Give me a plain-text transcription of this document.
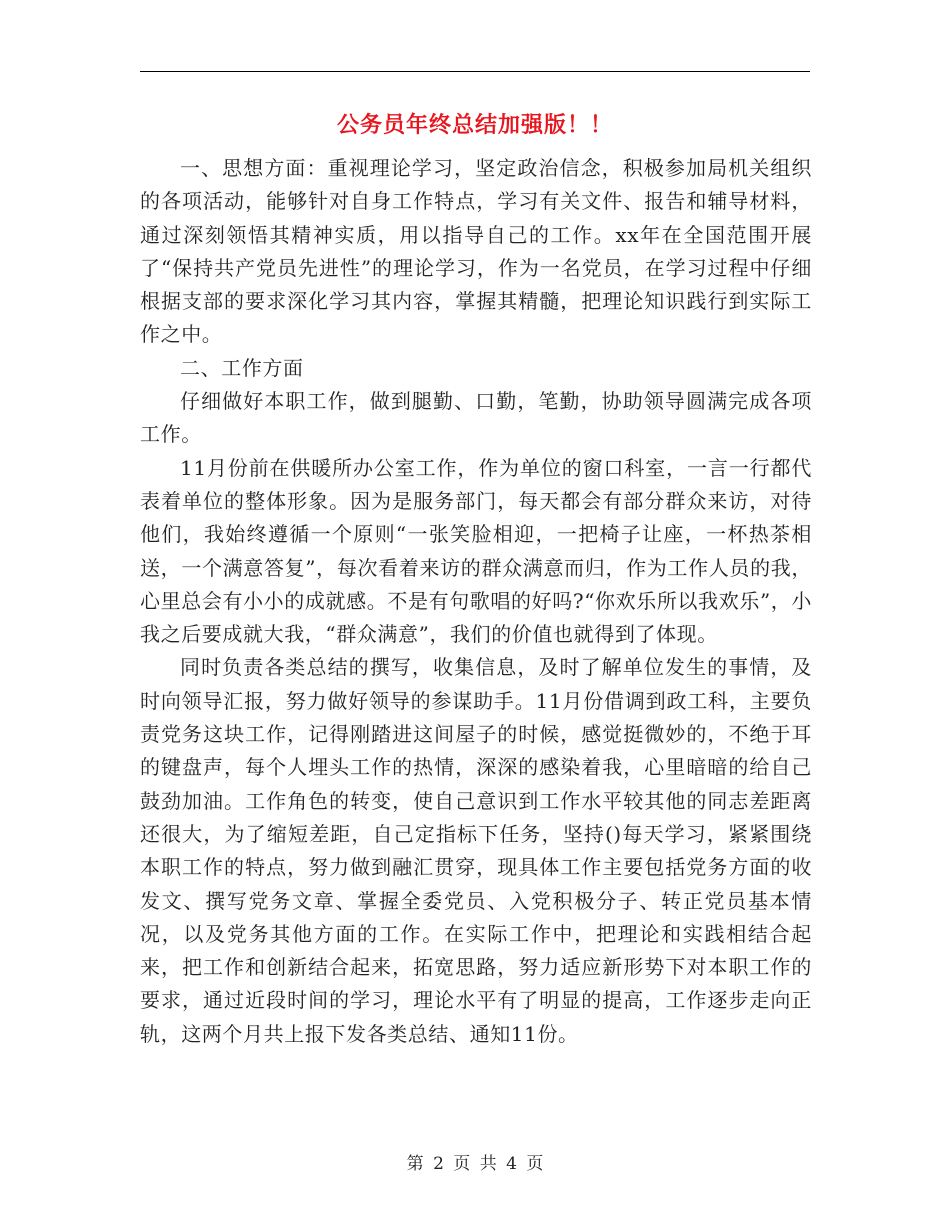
公务员年终总结加强版！！

一、思想方面：重视理论学习，坚定政治信念，积极参加局机关组织的各项活动，能够针对自身工作特点，学习有关文件、报告和辅导材料，通过深刻领悟其精神实质，用以指导自己的工作。xx年在全国范围开展了“保持共产党员先进性”的理论学习，作为一名党员，在学习过程中仔细根据支部的要求深化学习其内容，掌握其精髓，把理论知识践行到实际工作之中。

二、工作方面

仔细做好本职工作，做到腿勤、口勤，笔勤，协助领导圆满完成各项工作。

11月份前在供暖所办公室工作，作为单位的窗口科室，一言一行都代表着单位的整体形象。因为是服务部门，每天都会有部分群众来访，对待他们，我始终遵循一个原则“一张笑脸相迎，一把椅子让座，一杯热茶相送，一个满意答复”，每次看着来访的群众满意而归，作为工作人员的我，心里总会有小小的成就感。不是有句歌唱的好吗?“你欢乐所以我欢乐”，小我之后要成就大我，“群众满意”，我们的价值也就得到了体现。

同时负责各类总结的撰写，收集信息，及时了解单位发生的事情，及时向领导汇报，努力做好领导的参谋助手。11月份借调到政工科，主要负责党务这块工作，记得刚踏进这间屋子的时候，感觉挺微妙的，不绝于耳的键盘声，每个人埋头工作的热情，深深的感染着我，心里暗暗的给自己鼓劲加油。工作角色的转变，使自己意识到工作水平较其他的同志差距离还很大，为了缩短差距，自己定指标下任务，坚持()每天学习，紧紧围绕本职工作的特点，努力做到融汇贯穿，现具体工作主要包括党务方面的收发文、撰写党务文章、掌握全委党员、入党积极分子、转正党员基本情况，以及党务其他方面的工作。在实际工作中，把理论和实践相结合起来，把工作和创新结合起来，拓宽思路，努力适应新形势下对本职工作的要求，通过近段时间的学习，理论水平有了明显的提高，工作逐步走向正轨，这两个月共上报下发各类总结、通知11份。

第 2 页 共 4 页
